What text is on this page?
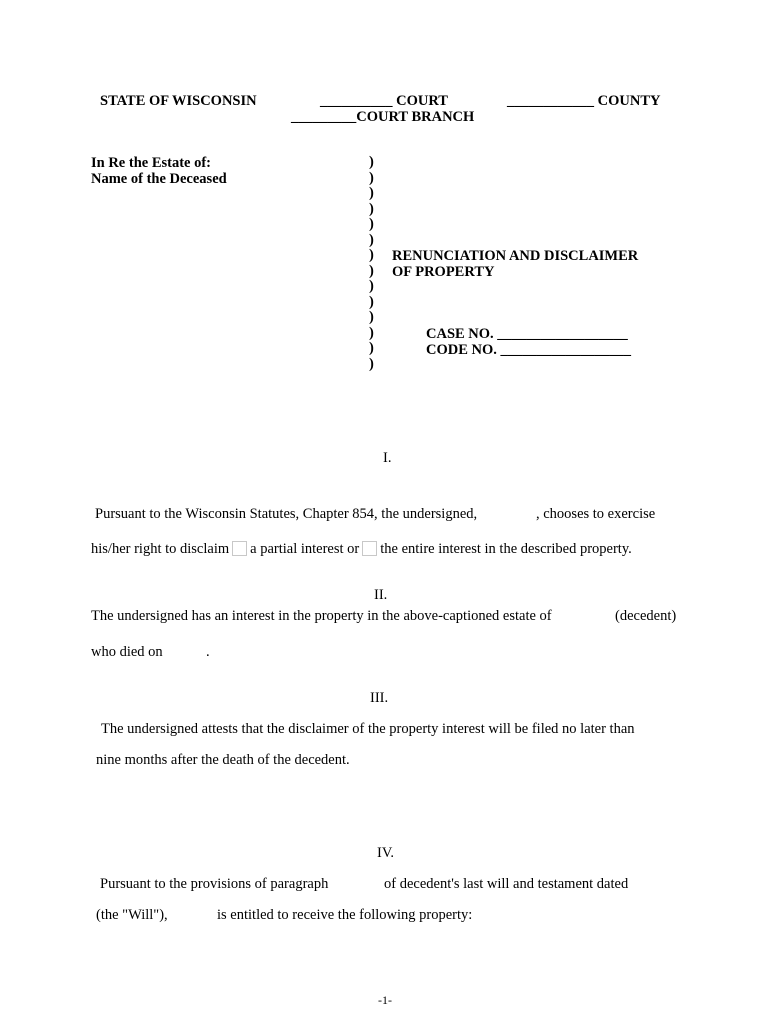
STATE OF WISCONSIN	__________ COURT	____________ COUNTY
_________COURT BRANCH
In Re the Estate of:
Name of the Deceased
)
)
)
)
)
)
)
)
)
)
)
)
)
)
RENUNCIATION AND DISCLAIMER
OF PROPERTY
CASE NO. __________________
CODE NO. __________________
I.
Pursuant to the Wisconsin Statutes, Chapter 854, the undersigned,	, chooses to exercise
his/her right to disclaim a partial interest or the entire interest in the described property.
II.
The undersigned has an interest in the property in the above-captioned estate of	(decedent)
who died on	.
III.
The undersigned attests that the disclaimer of the property interest will be filed no later than
nine months after the death of the decedent.
IV.
Pursuant to the provisions of paragraph	of decedent's last will and testament dated
(the "Will"),	is entitled to receive the following property:
-1-
